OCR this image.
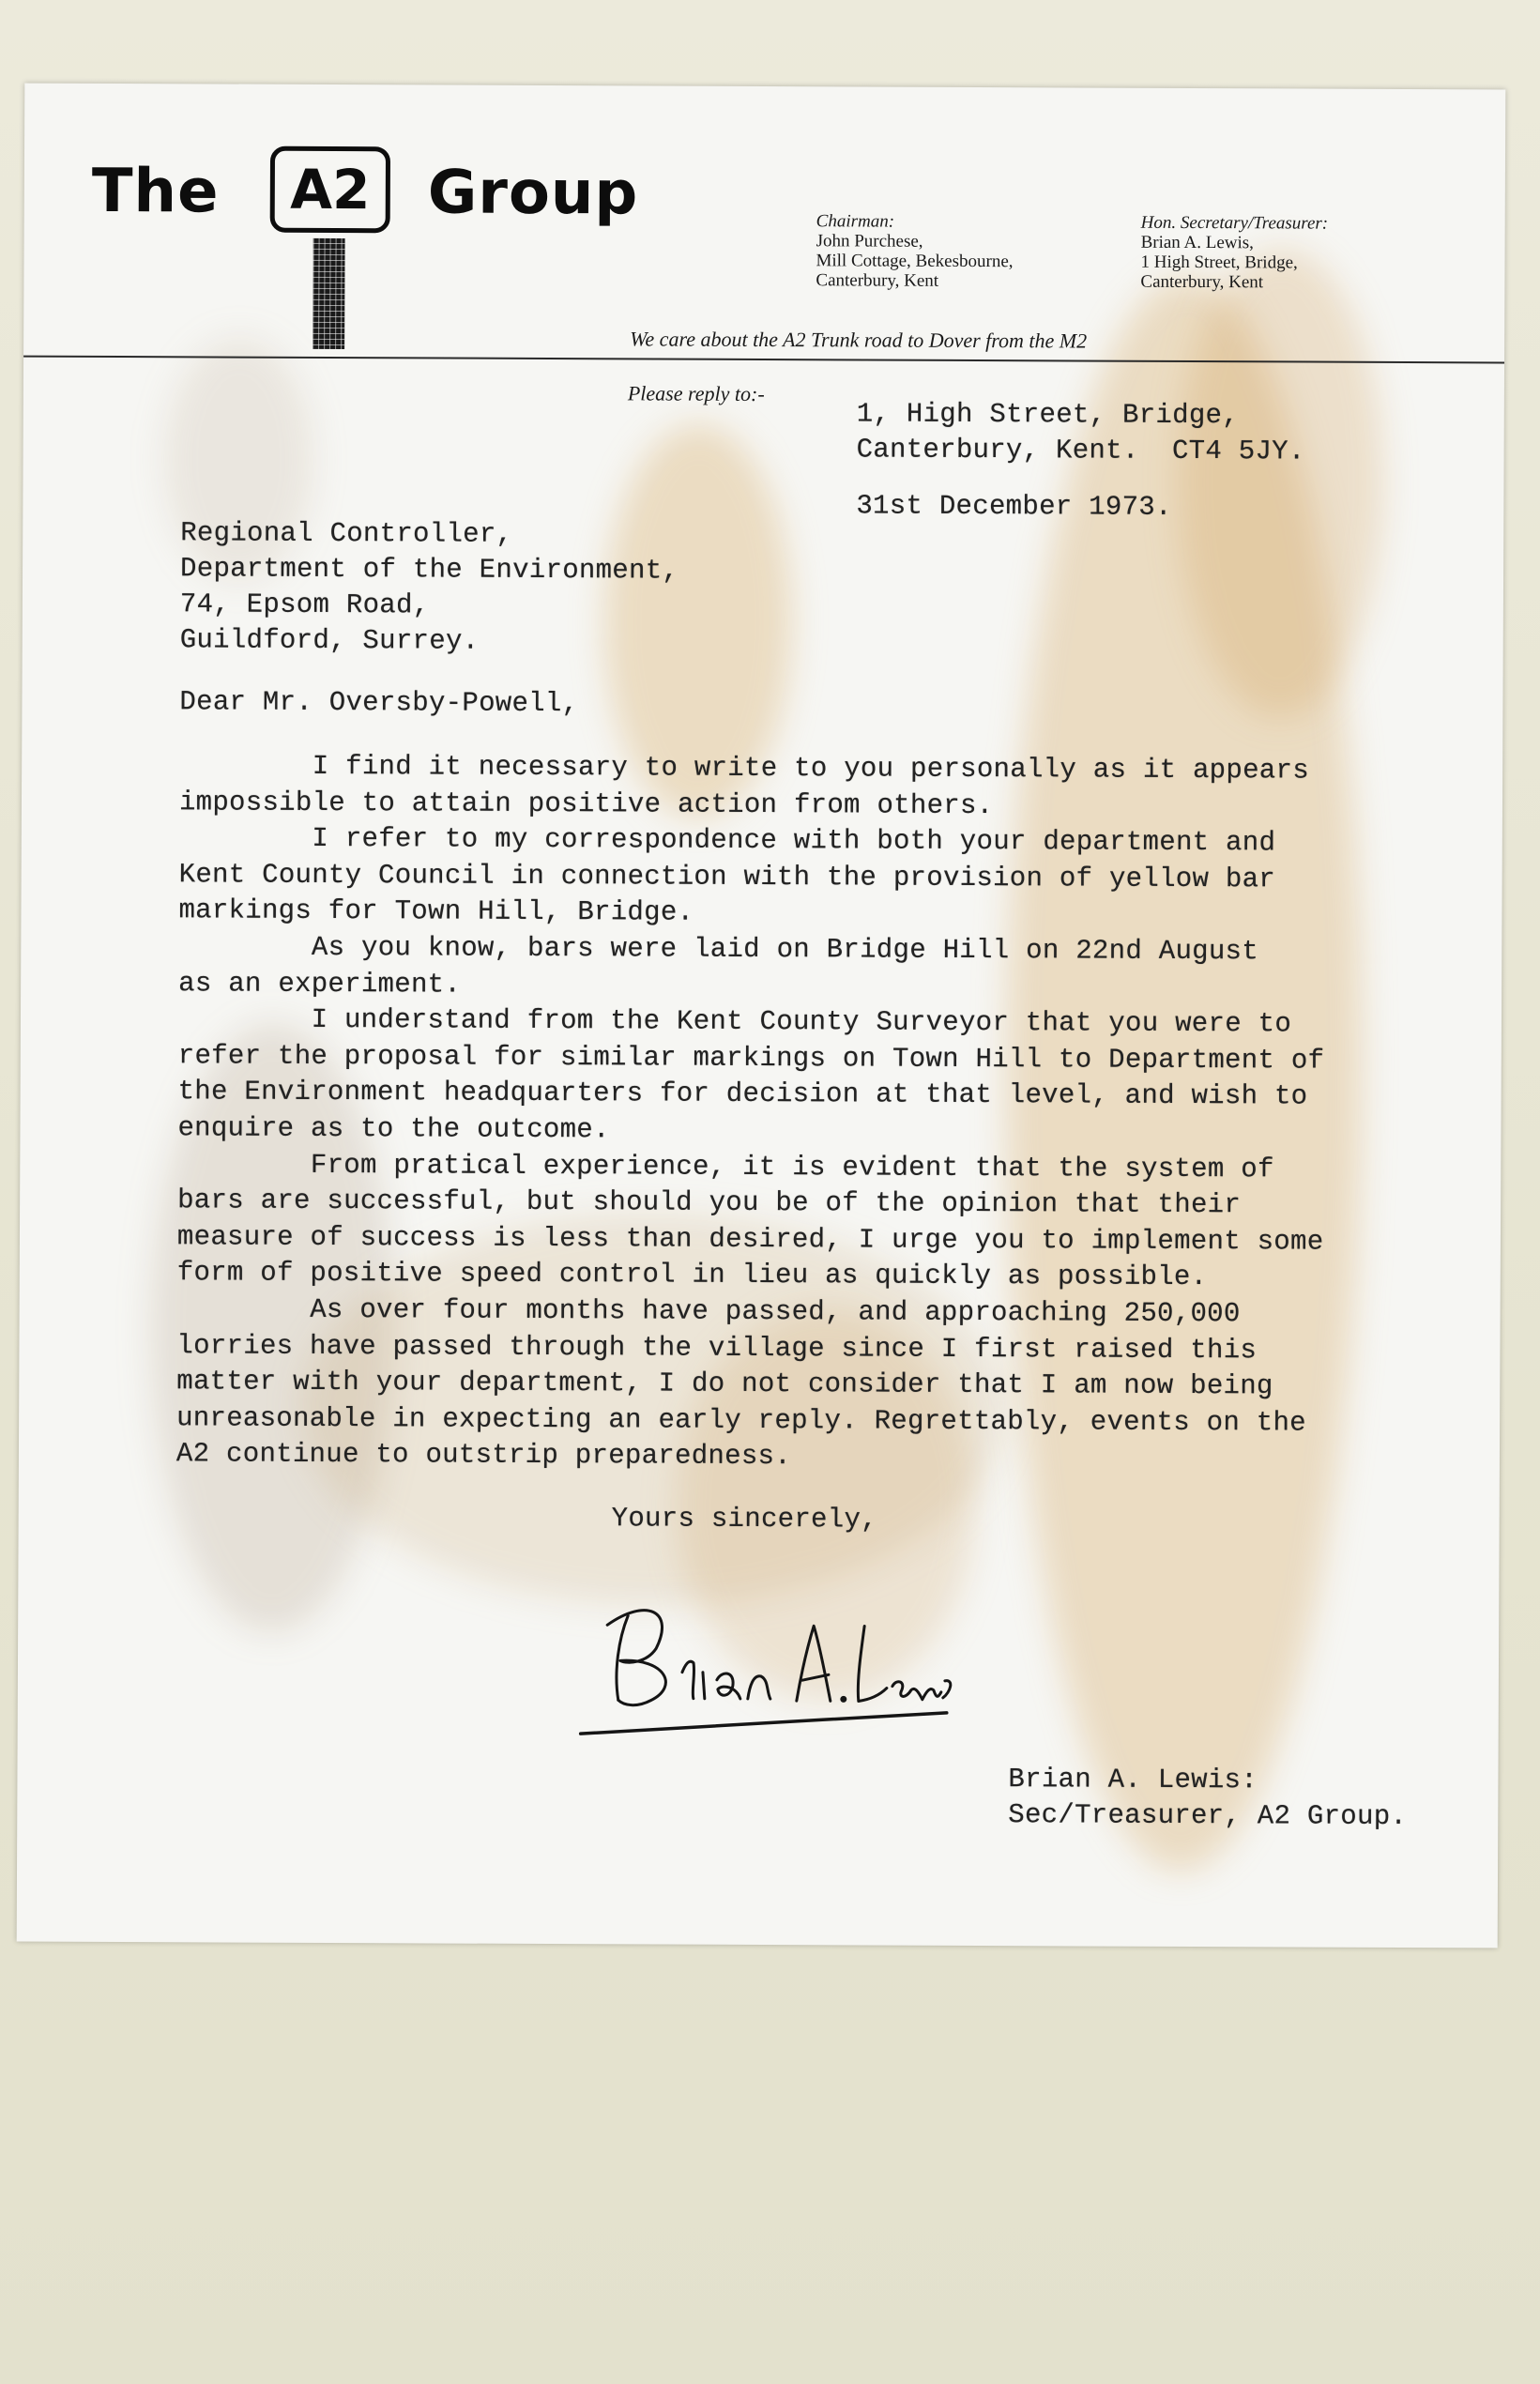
The	A2 Group	Chairman:
John Purchese,
Mill Cottage, Bekesbourne,
Canterbury, Kent
Hon. Secretary/Treasurer:
Brian A. Lewis,
1 High Street, Bridge,
Canterbury, Kent
We care about the A2 Trunk road to Dover from the M2
Please reply to:-
1, High Street, Bridge,
Canterbury, Kent.  CT4 5JY.
31st December 1973.
Regional Controller,
Department of the Environment,
74, Epsom Road,
Guildford, Surrey.
Dear Mr. Oversby-Powell,
I find it necessary to write to you personally as it appears
impossible to attain positive action from others.
I refer to my correspondence with both your department and
Kent County Council in connection with the provision of yellow bar
markings for Town Hill, Bridge.
As you know, bars were laid on Bridge Hill on 22nd August
as an experiment.
I understand from the Kent County Surveyor that you were to
refer the proposal for similar markings on Town Hill to Department of
the Environment headquarters for decision at that level, and wish to
enquire as to the outcome.
From pratical experience, it is evident that the system of
bars are successful, but should you be of the opinion that their
measure of success is less than desired, I urge you to implement some
form of positive speed control in lieu as quickly as possible.
As over four months have passed, and approaching 250,000
lorries have passed through the village since I first raised this
matter with your department, I do not consider that I am now being
unreasonable in expecting an early reply. Regrettably, events on the
A2 continue to outstrip preparedness.
Yours sincerely,
Brian A. Lewis:
Sec/Treasurer, A2 Group.
